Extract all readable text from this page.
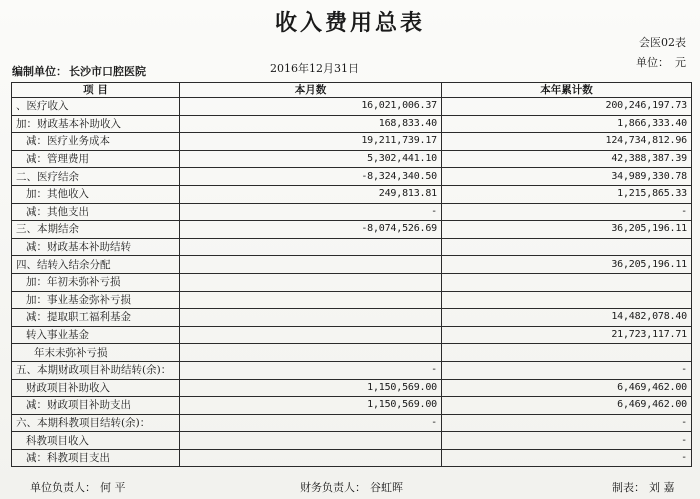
收入费用总表
会医02表
单位： 元
编制单位： 长沙市口腔医院	2016年12月31日
项 目	本月数	本年累计数
、医疗收入	16,021,006.37	200,246,197.73
加：财政基本补助收入	168,833.40	1,866,333.40
减：医疗业务成本	19,211,739.17	124,734,812.96
减：管理费用	5,302,441.10	42,388,387.39
二、医疗结余	-8,324,340.50	34,989,330.78
加：其他收入	249,813.81	1,215,865.33
减：其他支出	-	-
三、本期结余	-8,074,526.69	36,205,196.11
减：财政基本补助结转		
四、结转入结余分配		36,205,196.11
加：年初未弥补亏损		
加：事业基金弥补亏损		
减：提取职工福利基金		14,482,078.40
转入事业基金		21,723,117.71
年末未弥补亏损		
五、本期财政项目补助结转(余)：	-	-
财政项目补助收入	1,150,569.00	6,469,462.00
减：财政项目补助支出	1,150,569.00	6,469,462.00
六、本期科教项目结转(余)：	-	-
科教项目收入		-
减：科教项目支出		-
单位负责人： 何 平	财务负责人： 谷虹晖	制表： 刘 嘉
